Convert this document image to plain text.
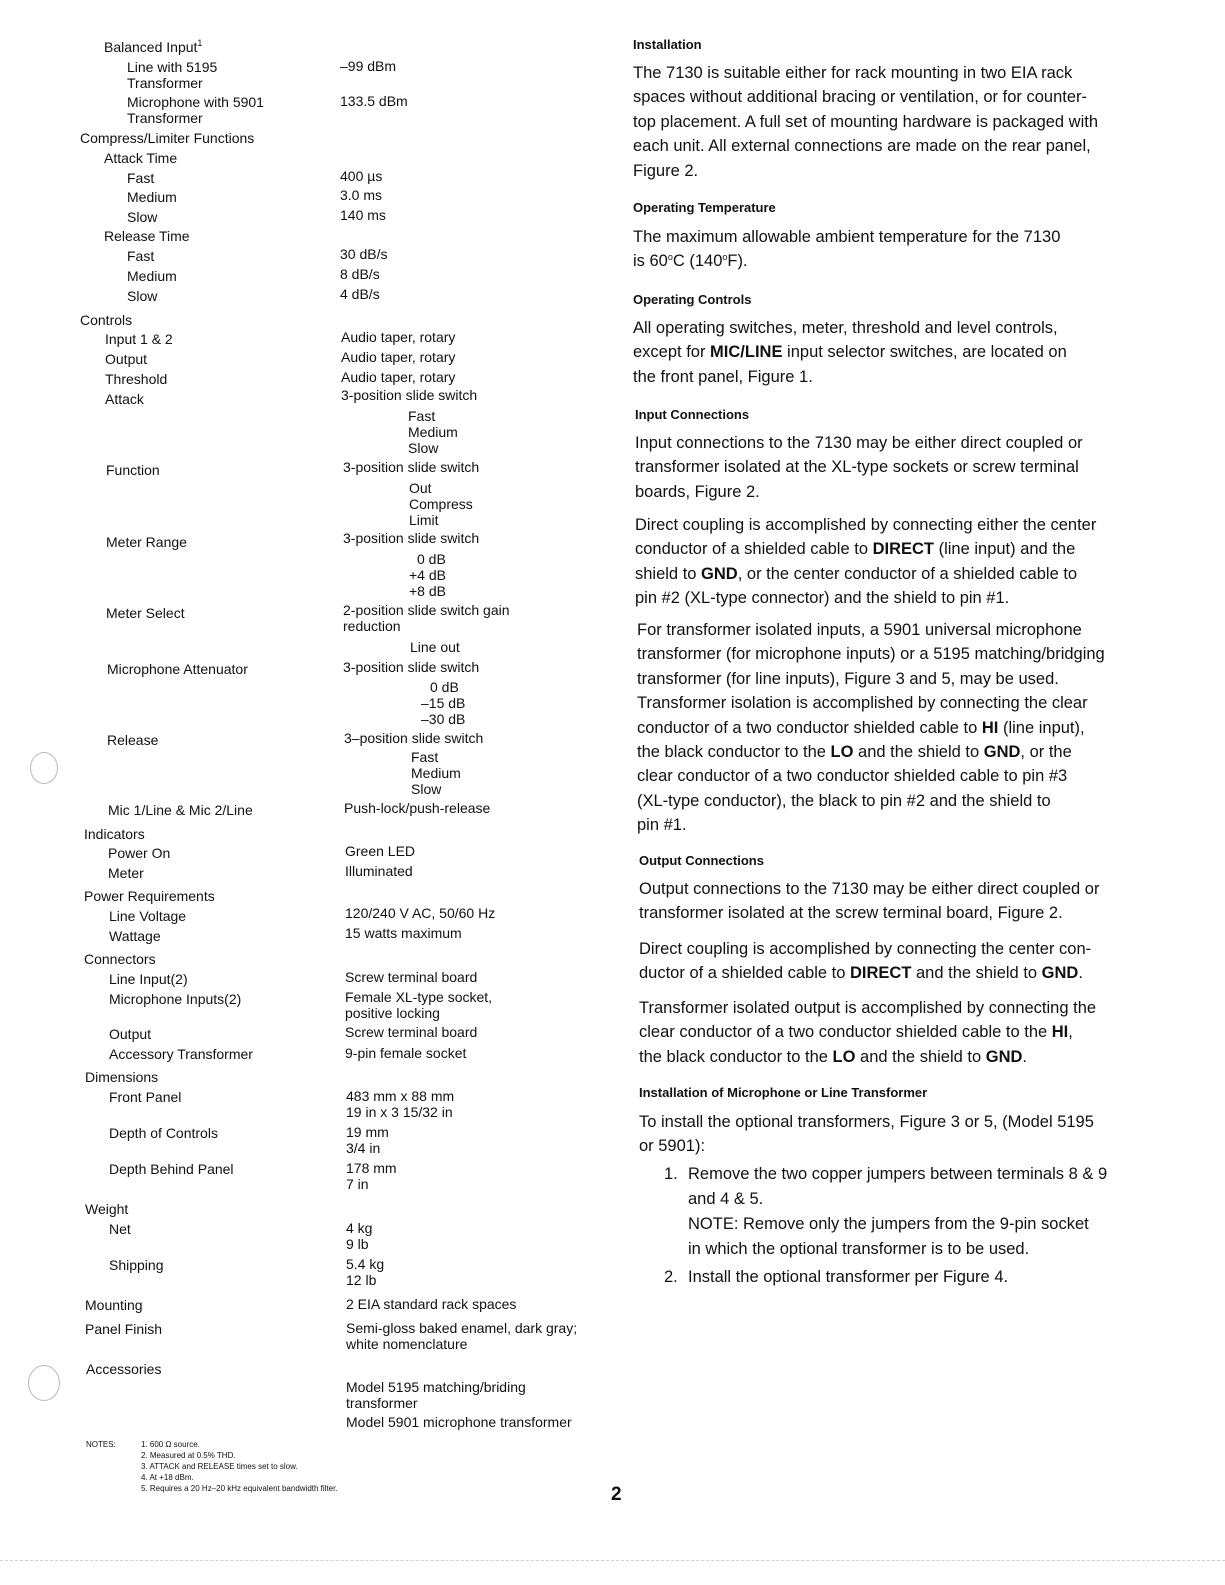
Balanced Input$^1$
Line with 5195
Transformer
–99 dBm
Microphone with 5901
Transformer
133.5 dBm
Compress/Limiter Functions
Attack Time
Fast	400 µs
Medium	3.0 ms
Slow	140 ms
Release Time
Fast	30 dB/s
Medium	8 dB/s
Slow	4 dB/s
Controls
Input 1 & 2	Audio taper, rotary
Output	Audio taper, rotary
Threshold	Audio taper, rotary
Attack	3-position slide switch
Fast
Medium
Slow
Function	3-position slide switch
Out
Compress
Limit
Meter Range	3-position slide switch
0 dB
+4 dB
+8 dB
Meter Select	2-position slide switch gain
reduction
Line out
Microphone Attenuator	3-position slide switch
0 dB
–15 dB
–30 dB
Release	3–position slide switch
Fast
Medium
Slow
Mic 1/Line & Mic 2/Line	Push-lock/push-release
Indicators
Power On	Green LED
Meter	Illuminated
Power Requirements
Line Voltage	120/240 V AC, 50/60 Hz
Wattage	15 watts maximum
Connectors
Line Input(2)	Screw terminal board
Microphone Inputs(2)	Female XL-type socket,
positive locking
Output	Screw terminal board
Accessory Transformer	9-pin female socket
Dimensions
Front Panel	483 mm x 88 mm
19 in x 3 15/32 in
Depth of Controls	19 mm
3/4 in
Depth Behind Panel	178 mm
7 in
Weight
Net	4 kg
9 lb
Shipping	5.4 kg
12 lb
Mounting	2 EIA standard rack spaces
Panel Finish	Semi-gloss baked enamel, dark gray;
white nomenclature
Accessories
Model 5195 matching/briding
transformer
Model 5901 microphone transformer
NOTES:	1. 600 Ω source.
2. Measured at 0.5% THD.
3. ATTACK and RELEASE times set to slow.
4. At +18 dBm.
5. Requires a 20 Hz–20 kHz equivalent bandwidth filter.
Installation
The 7130 is suitable either for rack mounting in two EIA rack
spaces without additional bracing or ventilation, or for counter-
top placement. A full set of mounting hardware is packaged with
each unit. All external connections are made on the rear panel,
Figure 2.
Operating Temperature
The maximum allowable ambient temperature for the 7130
is 60$^o$C (140$^o$F).
Operating Controls
All operating switches, meter, threshold and level controls,
except for MIC/LINE input selector switches, are located on
the front panel, Figure 1.
Input Connections
Input connections to the 7130 may be either direct coupled or
transformer isolated at the XL-type sockets or screw terminal
boards, Figure 2.
Direct coupling is accomplished by connecting either the center
conductor of a shielded cable to DIRECT (line input) and the
shield to GND, or the center conductor of a shielded cable to
pin #2 (XL-type connector) and the shield to pin #1.
For transformer isolated inputs, a 5901 universal microphone
transformer (for microphone inputs) or a 5195 matching/bridging
transformer (for line inputs), Figure 3 and 5, may be used.
Transformer isolation is accomplished by connecting the clear
conductor of a two conductor shielded cable to HI (line input),
the black conductor to the LO and the shield to GND, or the
clear conductor of a two conductor shielded cable to pin #3
(XL-type conductor), the black to pin #2 and the shield to
pin #1.
Output Connections
Output connections to the 7130 may be either direct coupled or
transformer isolated at the screw terminal board, Figure 2.
Direct coupling is accomplished by connecting the center con-
ductor of a shielded cable to DIRECT and the shield to GND.
Transformer isolated output is accomplished by connecting the
clear conductor of a two conductor shielded cable to the HI,
the black conductor to the LO and the shield to GND.
Installation of Microphone or Line Transformer
To install the optional transformers, Figure 3 or 5, (Model 5195
or 5901):
1. Remove the two copper jumpers between terminals 8 & 9
and 4 & 5.
NOTE: Remove only the jumpers from the 9-pin socket
in which the optional transformer is to be used.
2. Install the optional transformer per Figure 4.
2
